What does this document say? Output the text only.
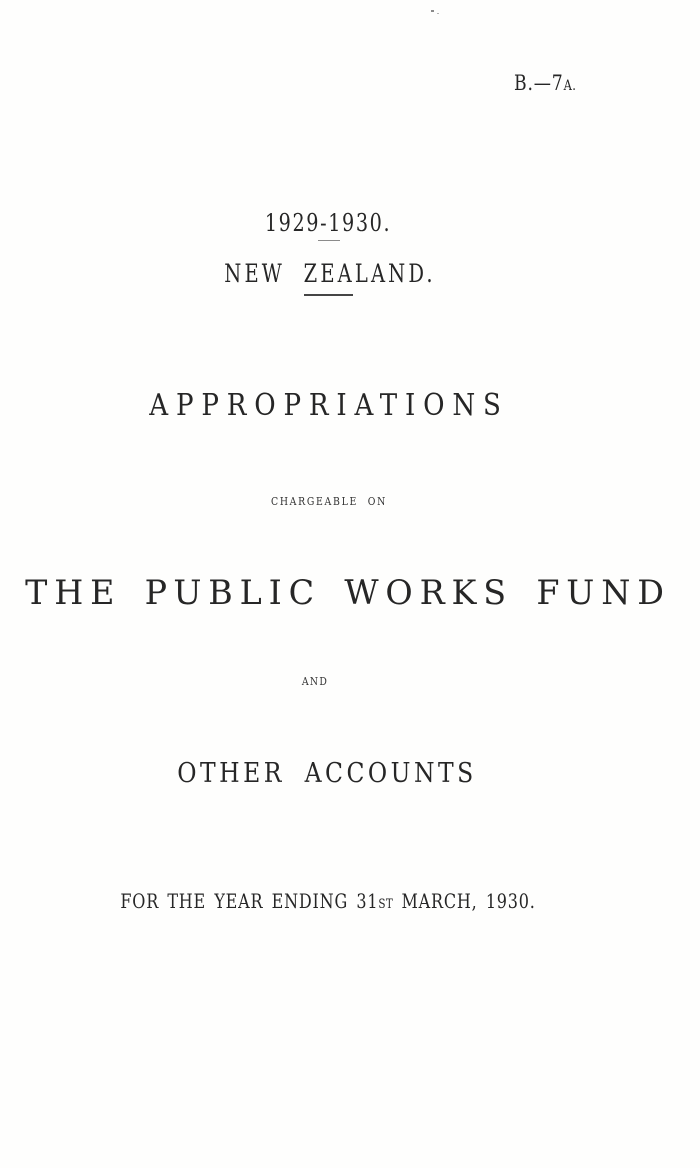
B.—7A.
1929-1930.
NEW ZEALAND.
APPROPRIATIONS
CHARGEABLE ON
THE PUBLIC WORKS FUND
AND
OTHER ACCOUNTS
FOR THE YEAR ENDING 31ST MARCH, 1930.
